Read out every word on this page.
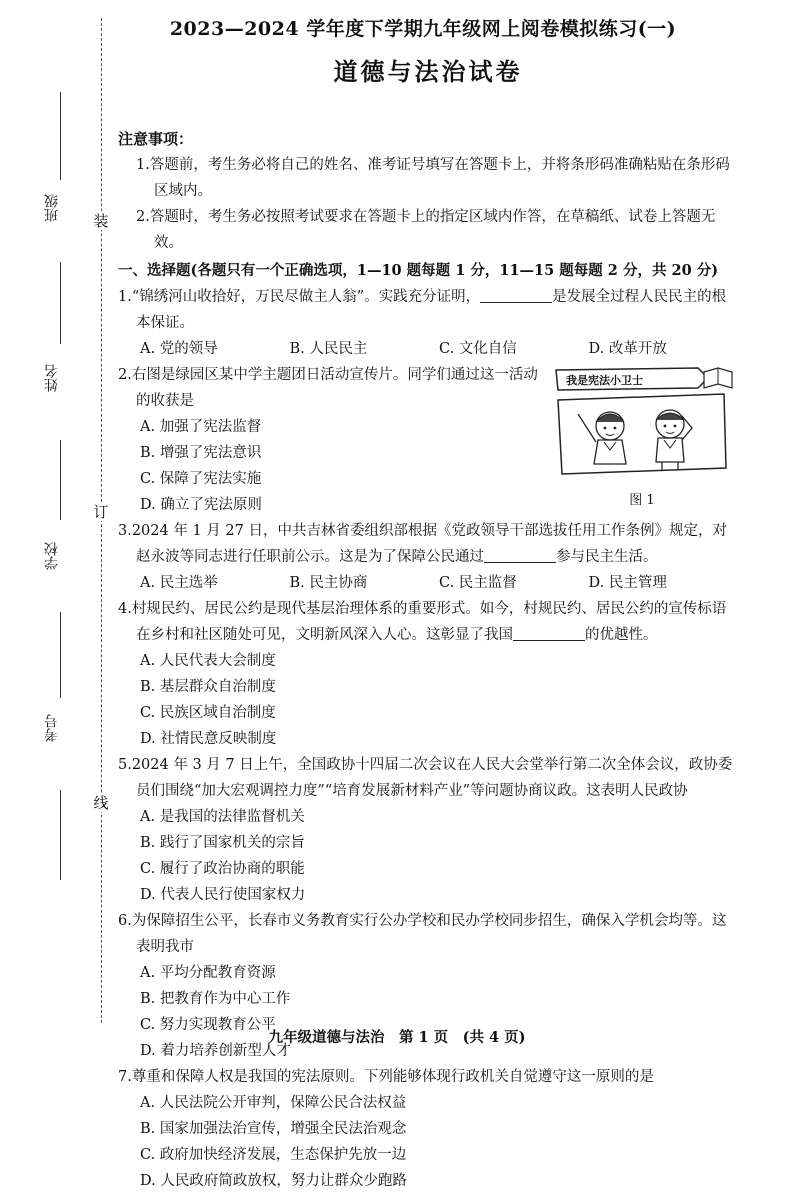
装
订
线
班级
姓名
学校
考号
2023—2024 学年度下学期九年级网上阅卷模拟练习(一)
道德与法治试卷
注意事项：
1.答题前，考生务必将自己的姓名、准考证号填写在答题卡上，并将条形码准确粘贴在条形码区域内。
2.答题时，考生务必按照考试要求在答题卡上的指定区域内作答，在草稿纸、试卷上答题无效。
一、选择题(各题只有一个正确选项，1—10 题每题 1 分，11—15 题每题 2 分，共 20 分)
1.“锦绣河山收拾好，万民尽做主人翁”。实践充分证明，	是发展全过程人民民主的根本保证。
A. 党的领导	B. 人民民主	C. 文化自信	D. 改革开放
2.右图是绿园区某中学主题团日活动宣传片。同学们通过这一活动的收获是
A. 加强了宪法监督
B. 增强了宪法意识
C. 保障了宪法实施
D. 确立了宪法原则
我是宪法小卫士
图 1
3.2024 年 1 月 27 日，中共吉林省委组织部根据《党政领导干部选拔任用工作条例》规定，对赵永波等同志进行任职前公示。这是为了保障公民通过	参与民主生活。
A. 民主选举	B. 民主协商	C. 民主监督	D. 民主管理
4.村规民约、居民公约是现代基层治理体系的重要形式。如今，村规民约、居民公约的宣传标语在乡村和社区随处可见，文明新风深入人心。这彰显了我国	的优越性。
A. 人民代表大会制度
B. 基层群众自治制度
C. 民族区域自治制度
D. 社情民意反映制度
5.2024 年 3 月 7 日上午，全国政协十四届二次会议在人民大会堂举行第二次全体会议，政协委员们围绕“加大宏观调控力度”“培育发展新材料产业”等问题协商议政。这表明人民政协
A. 是我国的法律监督机关
B. 践行了国家机关的宗旨
C. 履行了政治协商的职能
D. 代表人民行使国家权力
6.为保障招生公平，长春市义务教育实行公办学校和民办学校同步招生，确保入学机会均等。这表明我市
A. 平均分配教育资源
B. 把教育作为中心工作
C. 努力实现教育公平
D. 着力培养创新型人才
7.尊重和保障人权是我国的宪法原则。下列能够体现行政机关自觉遵守这一原则的是
A. 人民法院公开审判，保障公民合法权益
B. 国家加强法治宣传，增强全民法治观念
C. 政府加快经济发展，生态保护先放一边
D. 人民政府简政放权，努力让群众少跑路
九年级道德与法治　第 1 页　(共 4 页)
